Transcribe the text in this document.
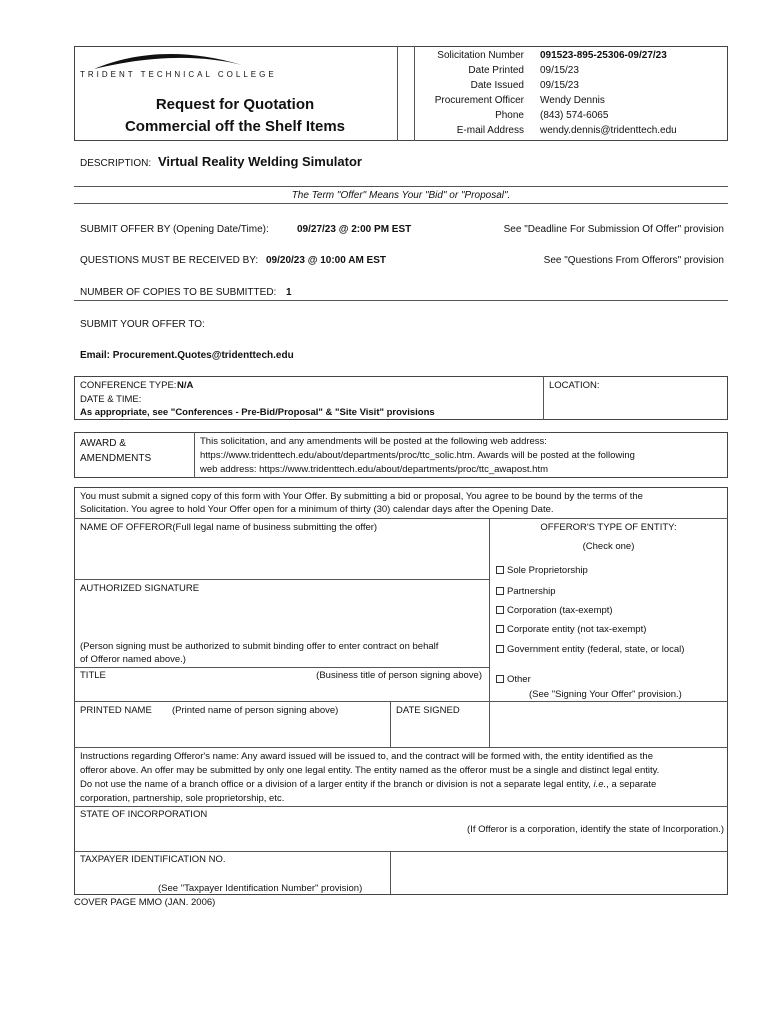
TRIDENT TECHNICAL COLLEGE
Request for Quotation
Commercial off the Shelf Items
Solicitation Number 091523-895-25306-09/27/23
Date Printed 09/15/23
Date Issued 09/15/23
Procurement Officer Wendy Dennis
Phone (843) 574-6065
E-mail Address wendy.dennis@tridenttech.edu
DESCRIPTION: Virtual Reality Welding Simulator
The Term "Offer" Means Your "Bid" or "Proposal".
SUBMIT OFFER BY (Opening Date/Time):	09/27/23 @ 2:00 PM EST	See "Deadline For Submission Of Offer" provision
QUESTIONS MUST BE RECEIVED BY: 09/20/23 @ 10:00 AM EST	See "Questions From Offerors" provision
NUMBER OF COPIES TO BE SUBMITTED: 1
SUBMIT YOUR OFFER TO:
Email: Procurement.Quotes@tridenttech.edu
CONFERENCE TYPE: N/A
DATE & TIME:
As appropriate, see "Conferences - Pre-Bid/Proposal" & "Site Visit" provisions
LOCATION:
AWARD &
AMENDMENTS
This solicitation, and any amendments will be posted at the following web address:
https://www.tridenttech.edu/about/departments/proc/ttc_solic.htm. Awards will be posted at the following
web address: https://www.tridenttech.edu/about/departments/proc/ttc_awapost.htm
You must submit a signed copy of this form with Your Offer. By submitting a bid or proposal, You agree to be bound by the terms of the
Solicitation. You agree to hold Your Offer open for a minimum of thirty (30) calendar days after the Opening Date.
NAME OF OFFEROR(Full legal name of business submitting the offer)
AUTHORIZED SIGNATURE
(Person signing must be authorized to submit binding offer to enter contract on behalf
of Offeror named above.)
TITLE	(Business title of person signing above)
OFFEROR'S TYPE OF ENTITY:
(Check one)
Sole Proprietorship
Partnership
Corporation (tax-exempt)
Corporate entity (not tax-exempt)
Government entity (federal, state, or local)
Other
(See "Signing Your Offer" provision.)
PRINTED NAME (Printed name of person signing above)	DATE SIGNED
Instructions regarding Offeror's name: Any award issued will be issued to, and the contract will be formed with, the entity identified as the
offeror above. An offer may be submitted by only one legal entity. The entity named as the offeror must be a single and distinct legal entity.
Do not use the name of a branch office or a division of a larger entity if the branch or division is not a separate legal entity, i.e., a separate
corporation, partnership, sole proprietorship, etc.
STATE OF INCORPORATION
(If Offeror is a corporation, identify the state of Incorporation.)
TAXPAYER IDENTIFICATION NO.
(See "Taxpayer Identification Number" provision)
COVER PAGE MMO (JAN. 2006)
